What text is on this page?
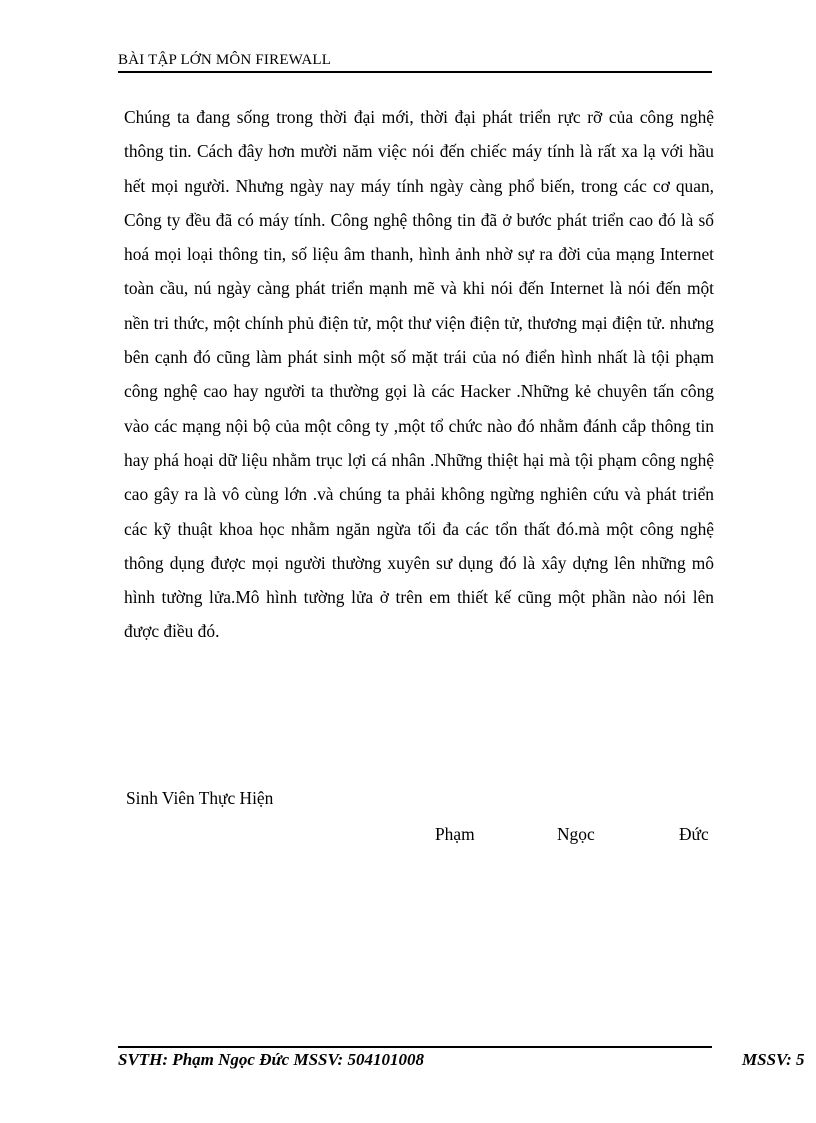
BÀI TẬP LỚN MÔN FIREWALL
Chúng ta đang sống trong thời đại mới, thời đại phát triển rực rỡ của công nghệ thông tin. Cách đây hơn mười năm việc nói đến chiếc máy tính là rất xa lạ với hầu hết mọi người. Nhưng ngày nay máy tính ngày càng phổ biến, trong các cơ quan, Công ty đều đã có máy tính. Công nghệ thông tin đã ở bước phát triển cao đó là số hoá mọi loại thông tin, số liệu âm thanh, hình ảnh nhờ sự ra đời của mạng Internet toàn cầu, nú ngày càng phát triển mạnh mẽ và khi nói đến Internet là nói đến một nền tri thức, một chính phủ điện tử, một thư viện điện tử, thương mại điện tử. nhưng bên cạnh đó cũng làm phát sinh một số mặt trái của nó điển hình nhất là tội phạm công nghệ cao hay người ta thường gọi là các Hacker .Những kẻ chuyên tấn công vào các mạng nội bộ của một công ty ,một tổ chức nào đó nhằm đánh cắp thông tin hay phá hoại dữ liệu nhằm trục lợi cá nhân .Những thiệt hại mà tội phạm công nghệ cao gây ra là vô cùng lớn .và chúng ta phải không ngừng nghiên cứu và phát triển các kỹ thuật khoa học nhằm ngăn ngừa tối đa các tổn thất đó.mà một công nghệ thông dụng được mọi người thường xuyên sư dụng đó là xây dựng lên những mô hình tường lửa.Mô hình tường lửa ở trên em thiết kế cũng một phần nào nói lên được điều đó.
Sinh Viên Thực Hiện
Phạm	Ngọc	Đức
SVTH: Phạm Ngọc Đức MSSV: 504101008	MSSV: 5
